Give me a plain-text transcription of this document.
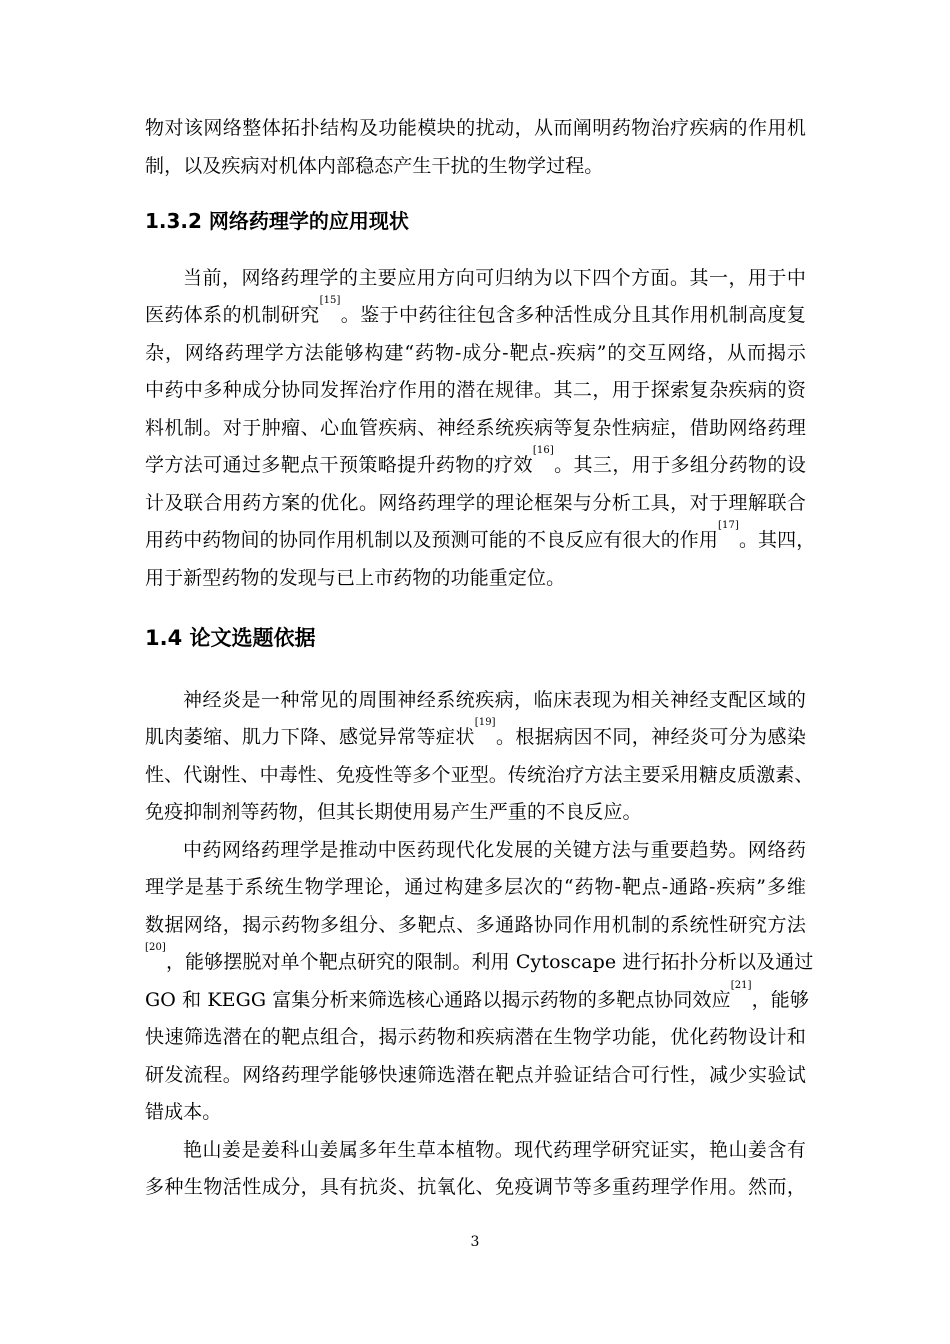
物对该网络整体拓扑结构及功能模块的扰动，从而阐明药物治疗疾病的作用机
制，以及疾病对机体内部稳态产生干扰的生物学过程。
1.3.2 网络药理学的应用现状
当前，网络药理学的主要应用方向可归纳为以下四个方面。其一，用于中
医药体系的机制研究[15]。鉴于中药往往包含多种活性成分且其作用机制高度复
杂，网络药理学方法能够构建“药物-成分-靶点-疾病”的交互网络，从而揭示
中药中多种成分协同发挥治疗作用的潜在规律。其二，用于探索复杂疾病的资
料机制。对于肿瘤、心血管疾病、神经系统疾病等复杂性病症，借助网络药理
学方法可通过多靶点干预策略提升药物的疗效[16]。其三，用于多组分药物的设
计及联合用药方案的优化。网络药理学的理论框架与分析工具，对于理解联合
用药中药物间的协同作用机制以及预测可能的不良反应有很大的作用[17]。其四，
用于新型药物的发现与已上市药物的功能重定位。
1.4 论文选题依据
神经炎是一种常见的周围神经系统疾病，临床表现为相关神经支配区域的
肌肉萎缩、肌力下降、感觉异常等症状[19]。根据病因不同，神经炎可分为感染
性、代谢性、中毒性、免疫性等多个亚型。传统治疗方法主要采用糖皮质激素、
免疫抑制剂等药物，但其长期使用易产生严重的不良反应。
中药网络药理学是推动中医药现代化发展的关键方法与重要趋势。网络药
理学是基于系统生物学理论，通过构建多层次的“药物-靶点-通路-疾病”多维
数据网络，揭示药物多组分、多靶点、多通路协同作用机制的系统性研究方法
[20]，能够摆脱对单个靶点研究的限制。利用 Cytoscape 进行拓扑分析以及通过
GO 和 KEGG 富集分析来筛选核心通路以揭示药物的多靶点协同效应[21]，能够
快速筛选潜在的靶点组合，揭示药物和疾病潜在生物学功能，优化药物设计和
研发流程。网络药理学能够快速筛选潜在靶点并验证结合可行性，减少实验试
错成本。
艳山姜是姜科山姜属多年生草本植物。现代药理学研究证实，艳山姜含有
多种生物活性成分，具有抗炎、抗氧化、免疫调节等多重药理学作用。然而，
3
